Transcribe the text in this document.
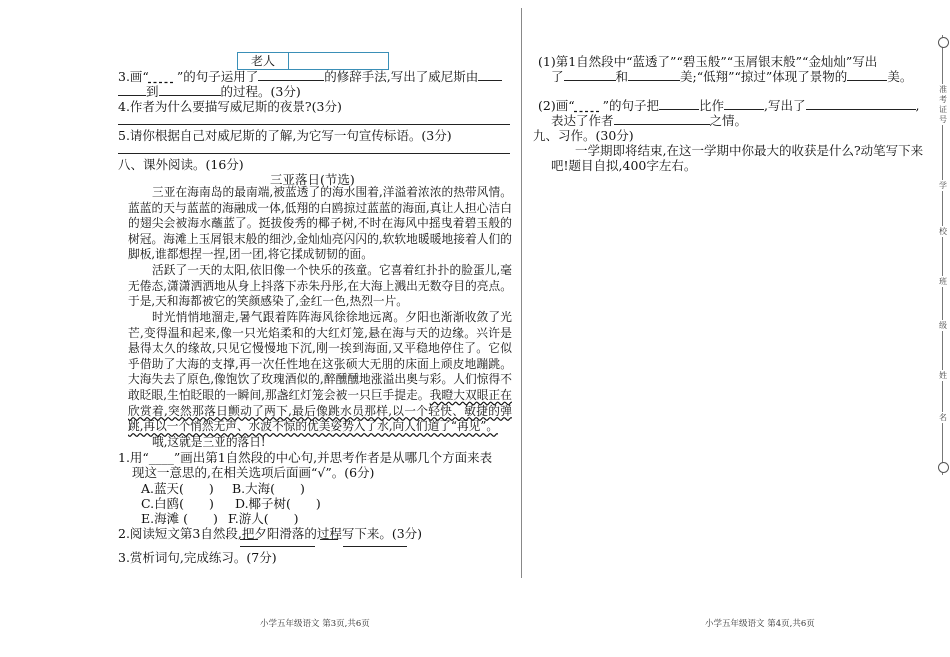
老人
3.画“　　 ”的句子运用了	的修辞手法,写出了威尼斯由
到	的过程。(3分)
4.作者为什么要描写威尼斯的夜景?(3分)
5.请你根据自己对威尼斯的了解,为它写一句宣传标语。(3分)
八、课外阅读。(16分)
三亚落日(节选)
三亚在海南岛的最南端,被蓝透了的海水围着,洋溢着浓浓的热带风情。蓝蓝的天与蓝蓝的海融成一体,低翔的白鸥掠过蓝蓝的海面,真让人担心洁白的翅尖会被海水蘸蓝了。挺拔俊秀的椰子树,不时在海风中摇曳着碧玉般的树冠。海滩上玉屑银末般的细沙,金灿灿亮闪闪的,软软地暖暖地接着人们的脚板,谁都想捏一捏,团一团,将它揉成韧韧的面。
活跃了一天的太阳,依旧像一个快乐的孩童。它喜着红扑扑的脸蛋儿,毫无倦态,潇潇洒洒地从身上抖落下赤朱丹彤,在大海上溅出无数夺目的亮点。于是,天和海都被它的笑颜感染了,金红一色,热烈一片。
时光悄悄地溜走,暑气跟着阵阵海风徐徐地远离。夕阳也渐渐收敛了光芒,变得温和起来,像一只光焰柔和的大红灯笼,悬在海与天的边缘。兴许是悬得太久的缘故,只见它慢慢地下沉,刚一挨到海面,又平稳地停住了。它似乎借助了大海的支撑,再一次任性地在这张硕大无朋的床面上顽皮地蹦跳。大海失去了原色,像饱饮了玫瑰酒似的,醉醺醺地涨溢出奥与彩。人们惊得不敢眨眼,生怕眨眼的一瞬间,那盏红灯笼会被一只巨手提走。我瞪大双眼正在欣赏着,突然那落日颤动了两下,最后像跳水员那样,以一个轻快、敏捷的弹跳,再以一个悄然无声、水波不惊的优美姿势入了水,向人们道了“再见”。
哦,这就是三亚的落日!
1.用“____”画出第1自然段的中心句,并思考作者是从哪几个方面来表
现这一意思的,在相关选项后面画“√”。(6分)
A.蓝天(　　) B.大海(　　)
C.白鸥(　　) D.椰子树(　　)
E.海滩 (　　) F.游人(　　)
2.阅读短文第3自然段,把夕阳滑落的过程写下来。(3分)
3.赏析词句,完成练习。(7分)
(1)第1自然段中“蓝透了”“碧玉般”“玉屑银末般”“金灿灿”写出
了	和	美;“低翔”“掠过”体现了景物的	美。
(2)画“　　 ”的句子把	比作	,写出了	,
表达了作者	之情。
九、习作。(30分)
一学期即将结束,在这一学期中你最大的收获是什么?动笔写下来
吧!题目自拟,400字左右。
小学五年级语文 第3页,共6页	小学五年级语文 第4页,共6页
准
考
证
号
学
校
班
级
姓
名
